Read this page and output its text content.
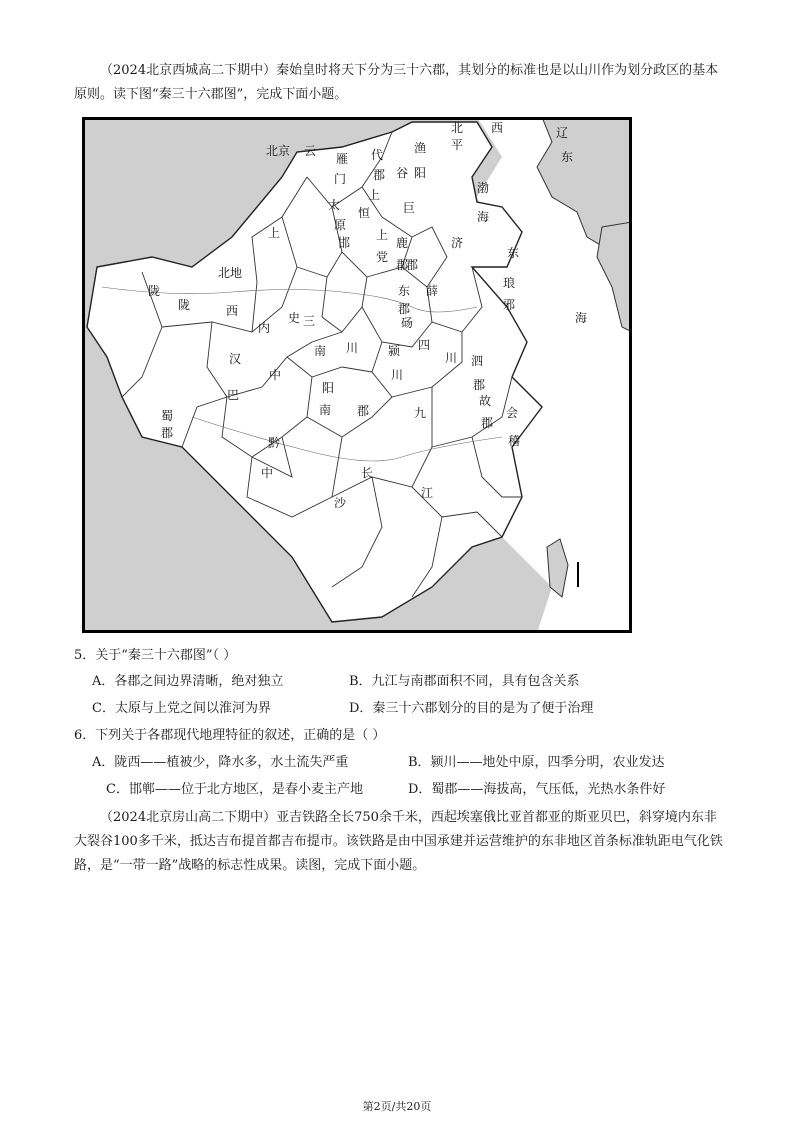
（2024北京西城高二下期中）秦始皇时将天下分为三十六郡，其划分的标准也是以山川作为划分政区的基本原则。读下图“秦三十六郡图”，完成下面小题。

北京 云
雁 代	渔
北 西	辽
门 郡 谷 阳
平
东
太
上
原
恒	巨
上
鹿
郡
济
上
党
郡
北地
邯
东
郡
薛
陇
陇	西
内
史 三
川
砀
四
川 泗
郡
汉
中
南	颍
川
阳
巴
蜀
郡
南 郡	九	会
故
郡
稽
黔
中	长
江
沙
渤
海
东
海
琅
邪
5．关于“秦三十六郡图”（ ）
A．各郡之间边界清晰，绝对独立	B．九江与南郡面积不同，具有包含关系
C．太原与上党之间以淮河为界	D．秦三十六郡划分的目的是为了便于治理
6．下列关于各郡现代地理特征的叙述，正确的是（ ）
A．陇西——植被少，降水多，水土流失严重	B．颍川——地处中原，四季分明，农业发达
C．邯郸——位于北方地区，是春小麦主产地	D．蜀郡——海拔高，气压低，光热水条件好

（2024北京房山高二下期中）亚吉铁路全长750余千米，西起埃塞俄比亚首都亚的斯亚贝巴，斜穿境内东非大裂谷100多千米，抵达吉布提首都吉布提市。该铁路是由中国承建并运营维护的东非地区首条标准轨距电气化铁路，是“一带一路”战略的标志性成果。读图，完成下面小题。

第2页/共20页
